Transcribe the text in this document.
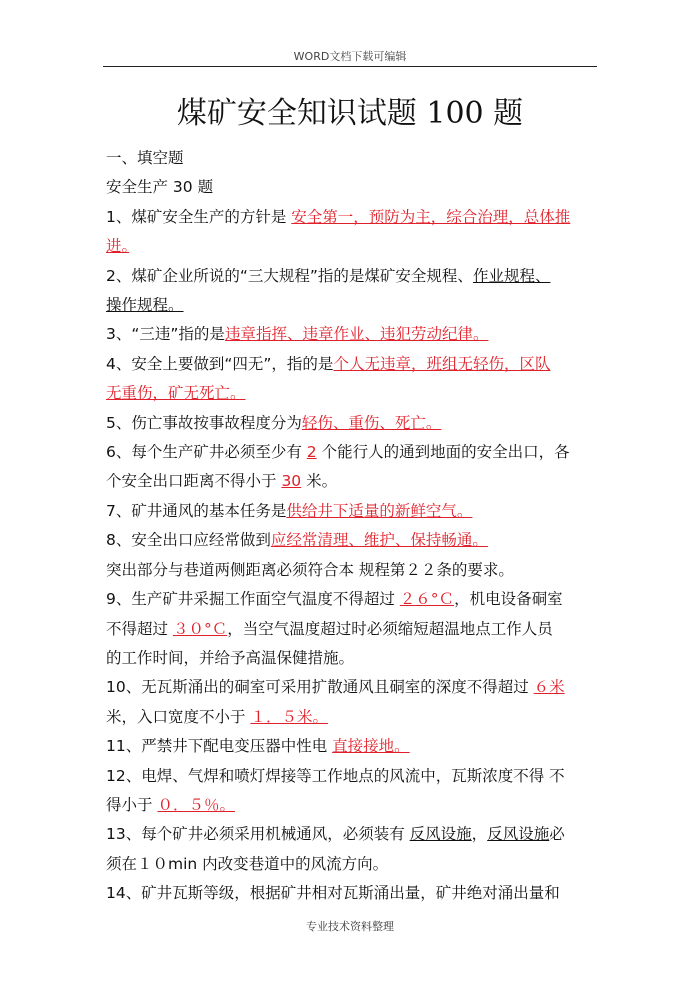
WORD文档下载可编辑
煤矿安全知识试题 100 题
一、填空题
安全生产 30 题
1、煤矿安全生产的方针是 安全第一，预防为主，综合治理，总体推
进。　　　　　　　　　　　　　　　　　　　　　　　　　　　　　
2、煤矿企业所说的“三大规程”指的是煤矿安全规程、作业规程、
操作规程。
3、“三违”指的是违章指挥、违章作业、违犯劳动纪律。
4、安全上要做到“四无”，指的是个人无违章，班组无轻伤，区队
无重伤，矿无死亡。
5、伤亡事故按事故程度分为轻伤、重伤、死亡。
6、每个生产矿井必须至少有 2 个能行人的通到地面的安全出口，各
个安全出口距离不得小于 30 米。
7、矿井通风的基本任务是供给井下适量的新鲜空气。
8、安全出口应经常做到应经常清理、维护、保持畅通。
突出部分与巷道两侧距离必须符合本 规程第２２条的要求。
9、生产矿井采掘工作面空气温度不得超过 ２６°Ｃ，机电设备硐室
不得超过 ３０°Ｃ，当空气温度超过时必须缩短超温地点工作人员
的工作时间，并给予高温保健措施。
10、无瓦斯涌出的硐室可采用扩散通风且硐室的深度不得超过 ６米
米，入口宽度不小于 １．５米。
11、严禁井下配电变压器中性电 直接接地。
12、电焊、气焊和喷灯焊接等工作地点的风流中，瓦斯浓度不得 不
得小于 ０．５％。
13、每个矿井必须采用机械通风，必须装有 反风设施，反风设施必
须在１０min 内改变巷道中的风流方向。
14、矿井瓦斯等级，根据矿井相对瓦斯涌出量，矿井绝对涌出量和
专业技术资料整理
